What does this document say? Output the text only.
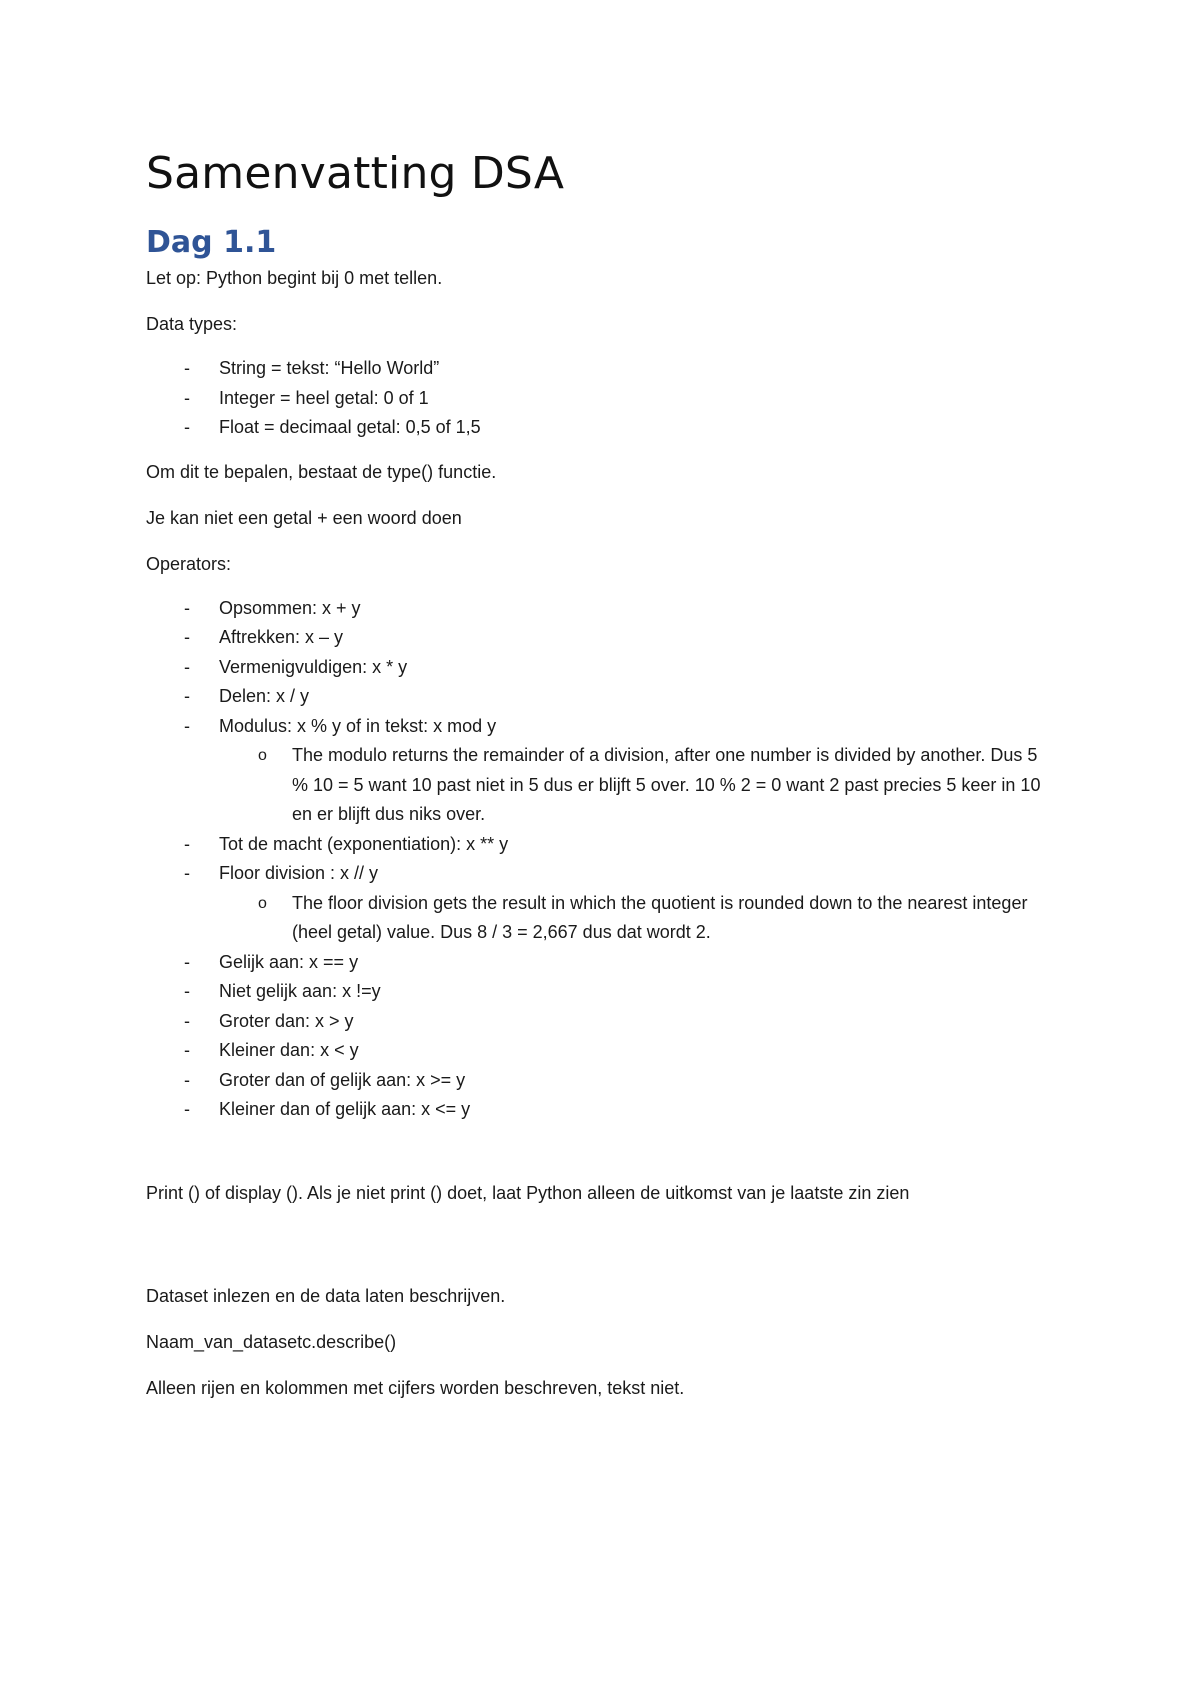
Samenvatting DSA
Dag 1.1

Let op: Python begint bij 0 met tellen.

Data types:

- String = tekst: “Hello World”
- Integer = heel getal: 0 of 1
- Float = decimaal getal: 0,5 of 1,5

Om dit te bepalen, bestaat de type() functie.

Je kan niet een getal + een woord doen

Operators:

- Opsommen: x + y
- Aftrekken: x – y
- Vermenigvuldigen: x * y
- Delen: x / y
- Modulus: x % y of in tekst: x mod y
o The modulo returns the remainder of a division, after one number is divided by another. Dus 5 % 10 = 5 want 10 past niet in 5 dus er blijft 5 over. 10 % 2 = 0 want 2 past precies 5 keer in 10 en er blijft dus niks over.
- Tot de macht (exponentiation): x ** y
- Floor division : x // y
o The floor division gets the result in which the quotient is rounded down to the nearest integer (heel getal) value. Dus 8 / 3 = 2,667 dus dat wordt 2.
- Gelijk aan: x == y
- Niet gelijk aan: x !=y
- Groter dan: x > y
- Kleiner dan: x < y
- Groter dan of gelijk aan: x >= y
- Kleiner dan of gelijk aan: x <= y

Print () of display (). Als je niet print () doet, laat Python alleen de uitkomst van je laatste zin zien

Dataset inlezen en de data laten beschrijven.

Naam_van_datasetc.describe()

Alleen rijen en kolommen met cijfers worden beschreven, tekst niet.
